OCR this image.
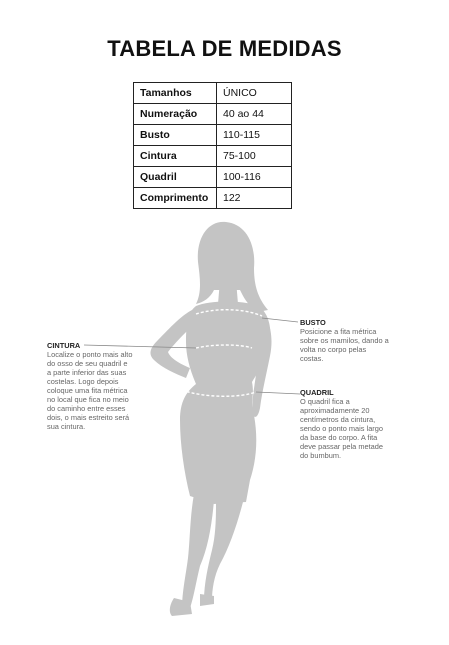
TABELA DE MEDIDAS
Tamanhos	ÚNICO
Numeração	40 ao 44
Busto	110-115
Cintura	75-100
Quadril	100-116
Comprimento	122
CINTURA
Localize o ponto mais alto
do osso de seu quadril e
a parte inferior das suas
costelas. Logo depois
coloque uma fita métrica
no local que fica no meio
do caminho entre esses
dois, o mais estreito será
sua cintura.
BUSTO
Posicione a fita métrica
sobre os mamilos, dando a
volta no corpo pelas
costas.
QUADRIL
O quadril fica a
aproximadamente 20
centímetros da cintura,
sendo o ponto mais largo
da base do corpo. A fita
deve passar pela metade
do bumbum.
